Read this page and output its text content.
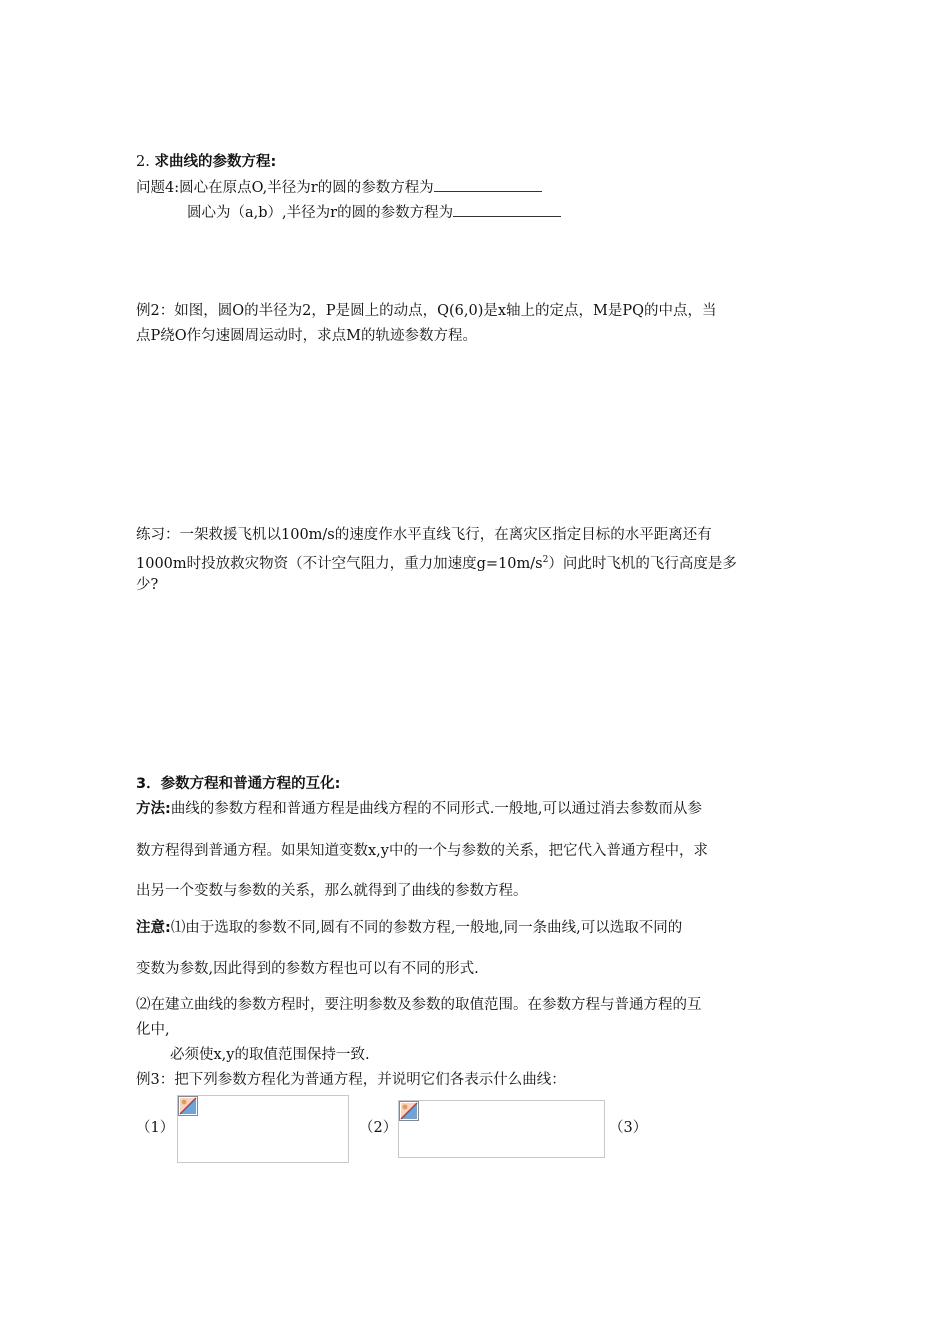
2. 求曲线的参数方程:
问题4:圆心在原点O,半径为r的圆的参数方程为
圆心为（a,b）,半径为r的圆的参数方程为
例2：如图，圆O的半径为2，P是圆上的动点，Q(6,0)是x轴上的定点，M是PQ的中点，当
点P绕O作匀速圆周运动时，求点M的轨迹参数方程。
练习：一架救援飞机以100m/s的速度作水平直线飞行，在离灾区指定目标的水平距离还有
1000m时投放救灾物资（不计空气阻力，重力加速度$g=10m/s^2$）问此时飞机的飞行高度是多
少?
3．参数方程和普通方程的互化:
方法:曲线的参数方程和普通方程是曲线方程的不同形式.一般地,可以通过消去参数而从参
数方程得到普通方程。如果知道变数x,y中的一个与参数的关系，把它代入普通方程中，求
出另一个变数与参数的关系，那么就得到了曲线的参数方程。
注意:⑴由于选取的参数不同,圆有不同的参数方程,一般地,同一条曲线,可以选取不同的
变数为参数,因此得到的参数方程也可以有不同的形式.
⑵在建立曲线的参数方程时，要注明参数及参数的取值范围。在参数方程与普通方程的互
化中,
必须使x,y的取值范围保持一致.
例3：把下列参数方程化为普通方程，并说明它们各表示什么曲线：
（1）	（2）	（3）
